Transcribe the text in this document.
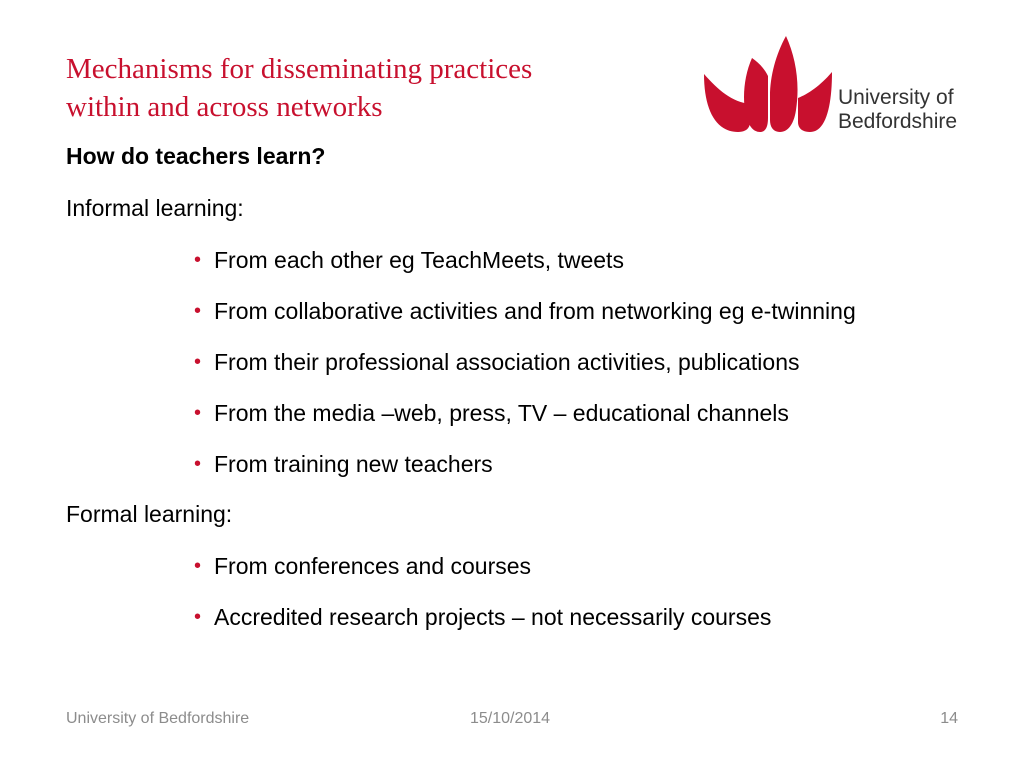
Mechanisms for disseminating practices
within and across networks	University of
Bedfordshire
How do teachers learn?
Informal learning:
• From each other eg TeachMeets, tweets
• From collaborative activities and from networking eg e-twinning
• From their professional association activities, publications
• From the media –web, press, TV – educational channels
• From training new teachers
Formal learning:
• From conferences and courses
• Accredited research projects – not necessarily courses
University of Bedfordshire	15/10/2014	14
